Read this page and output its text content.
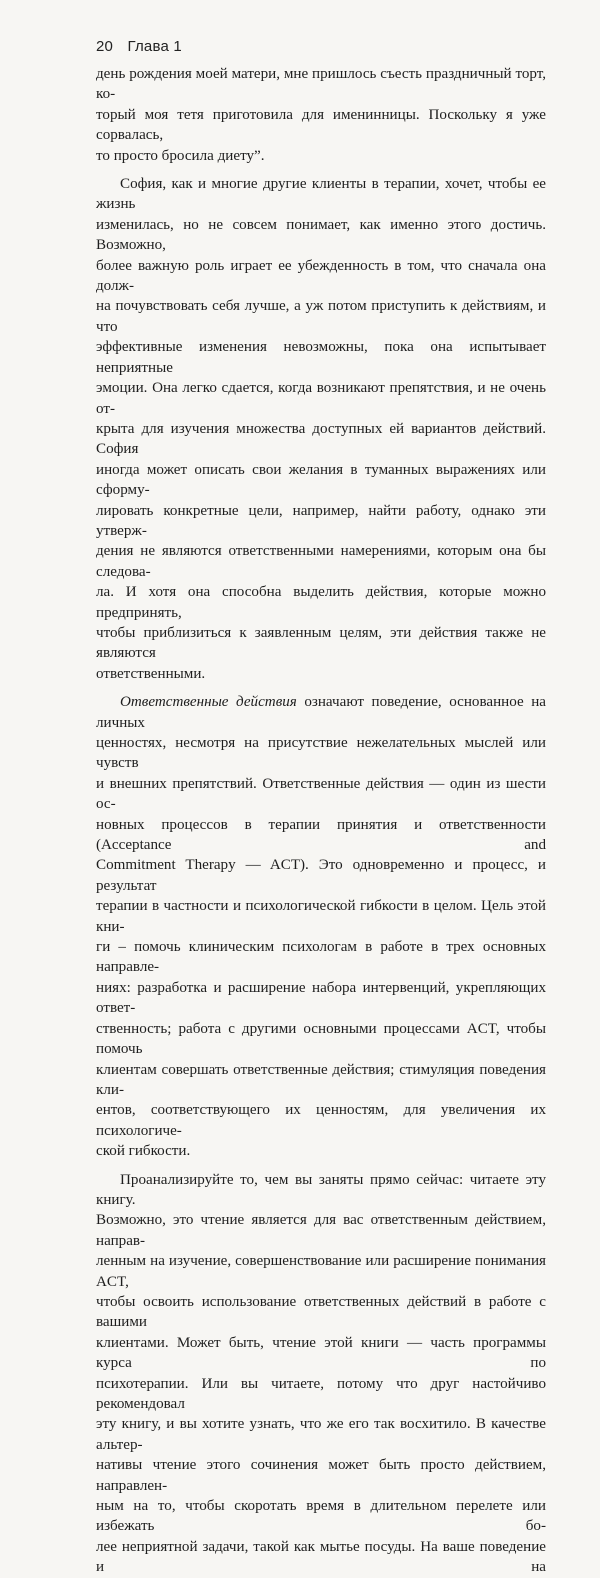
20 Глава 1

день рождения моей матери, мне пришлось съесть праздничный торт, ко-

торый моя тетя приготовила для именинницы. Поскольку я уже сорвалась,

то просто бросила диету”.

София, как и многие другие клиенты в терапии, хочет, чтобы ее жизнь

изменилась, но не совсем понимает, как именно этого достичь. Возможно,

более важную роль играет ее убежденность в том, что сначала она долж-

на почувствовать себя лучше, а уж потом приступить к действиям, и что

эффективные изменения невозможны, пока она испытывает неприятные

эмоции. Она легко сдается, когда возникают препятствия, и не очень от-

крыта для изучения множества доступных ей вариантов действий. София

иногда может описать свои желания в туманных выражениях или сформу-

лировать конкретные цели, например, найти работу, однако эти утверж-

дения не являются ответственными намерениями, которым она бы следова-

ла. И хотя она способна выделить действия, которые можно предпринять,

чтобы приблизиться к заявленным целям, эти действия также не являются

ответственными.

Ответственные действия означают поведение, основанное на личных

ценностях, несмотря на присутствие нежелательных мыслей или чувств

и внешних препятствий. Ответственные действия — один из шести ос-

новных процессов в терапии принятия и ответственности (Acceptance and

Commitment Therapy — ACT). Это одновременно и процесс, и результат

терапии в частности и психологической гибкости в целом. Цель этой кни-

ги – помочь клиническим психологам в работе в трех основных направле-

ниях: разработка и расширение набора интервенций, укрепляющих ответ-

ственность; работа с другими основными процессами ACT, чтобы помочь

клиентам совершать ответственные действия; стимуляция поведения кли-

ентов, соответствующего их ценностям, для увеличения их психологиче-

ской гибкости.

Проанализируйте то, чем вы заняты прямо сейчас: читаете эту книгу.

Возможно, это чтение является для вас ответственным действием, направ-

ленным на изучение, совершенствование или расширение понимания ACT,

чтобы освоить использование ответственных действий в работе с вашими

клиентами. Может быть, чтение этой книги — часть программы курса по

психотерапии. Или вы читаете, потому что друг настойчиво рекомендовал

эту книгу, и вы хотите узнать, что же его так восхитило. В качестве альтер-

нативы чтение этого сочинения может быть просто действием, направлен-

ным на то, чтобы скоротать время в длительном перелете или избежать бо-

лее неприятной задачи, такой как мытье посуды. На ваше поведение и на
